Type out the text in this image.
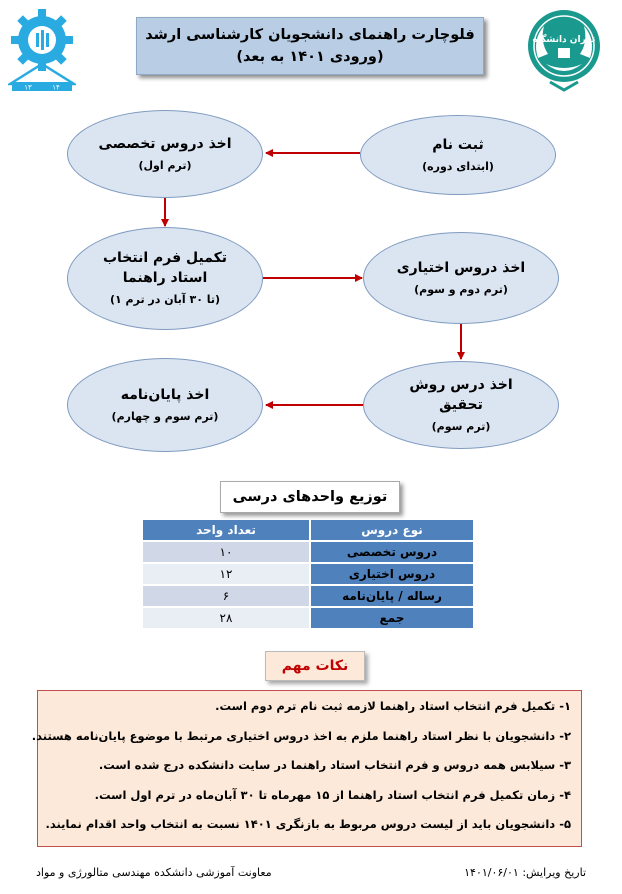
۱۳	۱۴
تهران دانشگاه
فلوچارت راهنمای دانشجویان کارشناسی ارشد
(ورودی ۱۴۰۱ به بعد)
ثبت نام
(ابتدای دوره)
اخذ دروس تخصصی
(ترم اول)
تکمیل فرم انتخاب
استاد راهنما
(تا ۳۰ آبان در ترم ۱)
اخذ دروس اختیاری
(ترم دوم و سوم)
اخذ درس روش
تحقیق
(ترم سوم)
اخذ پایان‌نامه
(ترم سوم و چهارم)
توزیع واحدهای درسی
نوع دروس	تعداد واحد
دروس تخصصی	۱۰
دروس اختیاری	۱۲
رساله / پایان‌نامه	۶
جمع	۲۸
نکات مهم
۱- تکمیل فرم انتخاب استاد راهنما لازمه ثبت نام ترم دوم است.
۲- دانشجویان با نظر استاد راهنما ملزم به اخذ دروس اختیاری مرتبط با موضوع پایان‌نامه هستند.
۳- سیلابس همه دروس و فرم انتخاب استاد راهنما در سایت دانشکده درج شده است.
۴- زمان تکمیل فرم انتخاب استاد راهنما از ۱۵ مهرماه تا ۳۰ آبان‌ماه در ترم اول است.
۵- دانشجویان باید از لیست دروس مربوط به بازنگری ۱۴۰۱ نسبت به انتخاب واحد اقدام نمایند.
معاونت آموزشی دانشکده مهندسی متالورژی و مواد	تاریخ ویرایش: ۱۴۰۱/۰۶/۰۱
